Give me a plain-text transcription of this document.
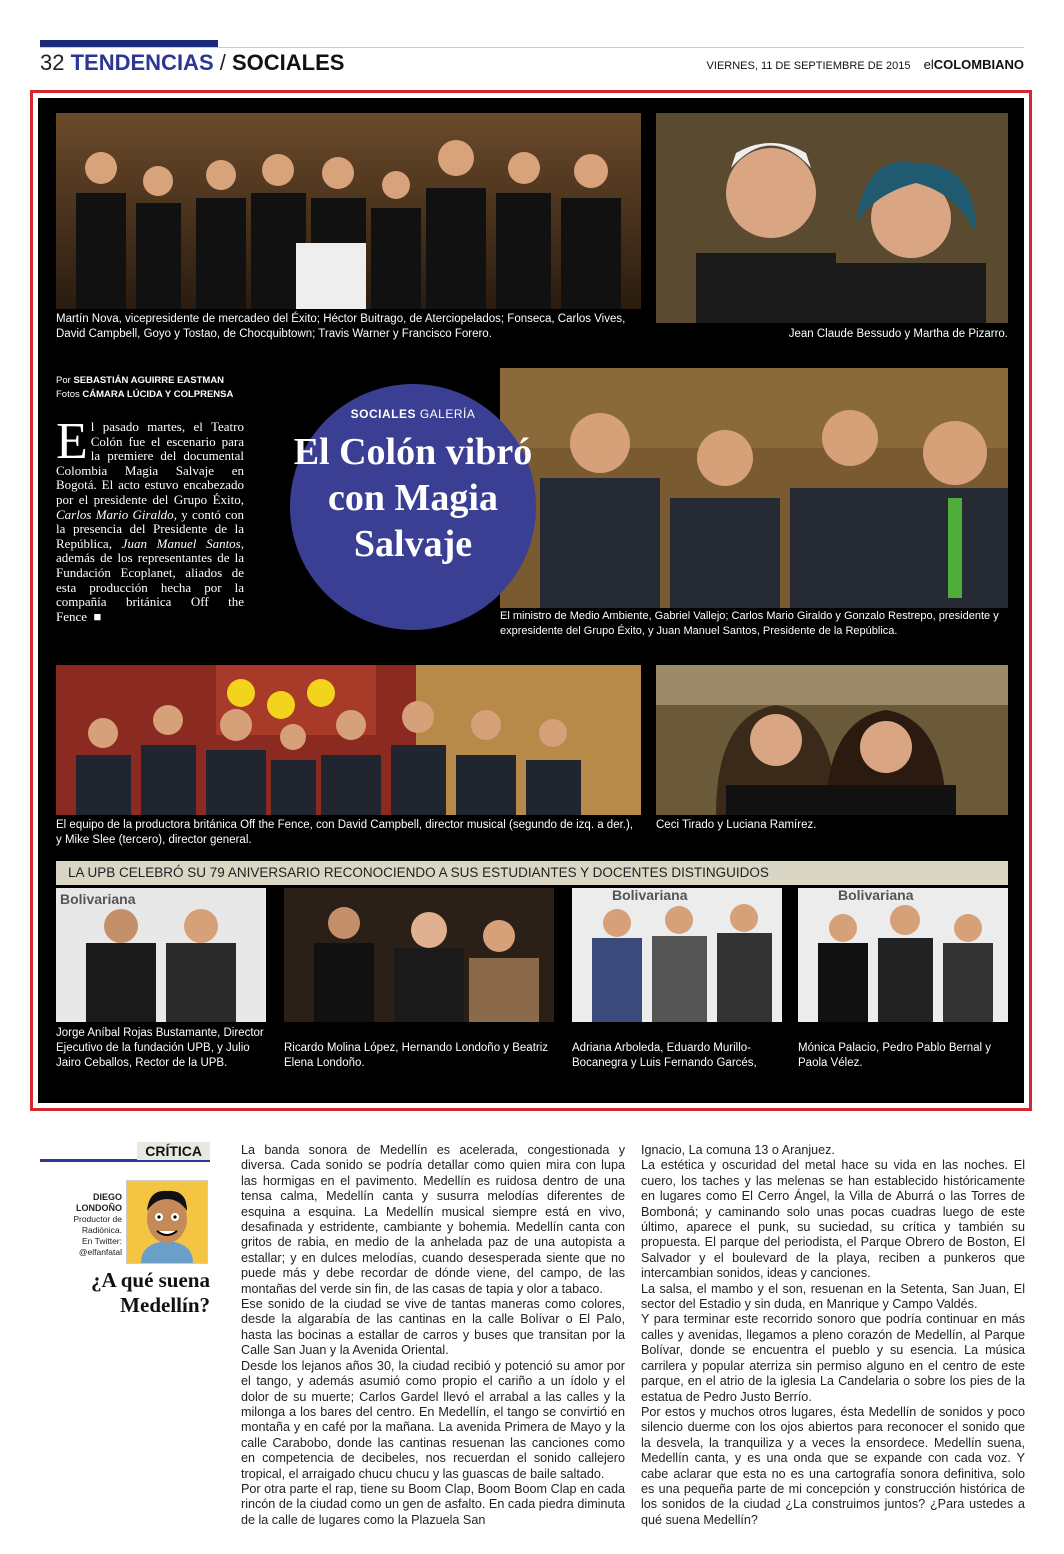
32 TENDENCIAS / SOCIALES	VIERNES, 11 DE SEPTIEMBRE DE 2015 elCOLOMBIANO
Martín Nova, vicepresidente de mercadeo del Éxito; Héctor Buitrago, de Aterciopelados; Fonseca, Carlos Vives, David Campbell, Goyo y Tostao, de Chocquibtown; Travis Warner y Francisco Forero.	Jean Claude Bessudo y Martha de Pizarro.
Por SEBASTIÁN AGUIRRE EASTMAN
Fotos CÁMARA LÚCIDA Y COLPRENSA
El pasado martes, el Teatro Colón fue el escenario para la premiere del documental Colombia Magia Salvaje en Bogotá. El acto estuvo encabezado por el presidente del Grupo Éxito, Carlos Mario Giraldo, y contó con la presencia del Presidente de la República, Juan Manuel Santos, además de los representantes de la Fundación Ecoplanet, aliados de esta producción hecha por la compañía británica Off the Fence ■
SOCIALES GALERÍA
El Colón vibró con Magia Salvaje
El ministro de Medio Ambiente, Gabriel Vallejo; Carlos Mario Giraldo y Gonzalo Restrepo, presidente y expresidente del Grupo Éxito, y Juan Manuel Santos, Presidente de la República.
El equipo de la productora británica Off the Fence, con David Campbell, director musical (segundo de izq. a der.), y Mike Slee (tercero), director general.
Ceci Tirado y Luciana Ramírez.
LA UPB CELEBRÓ SU 79 ANIVERSARIO RECONOCIENDO A SUS ESTUDIANTES Y DOCENTES DISTINGUIDOS
Bolivariana	Bolivariana	Bolivariana
Jorge Aníbal Rojas Bustamante, Director Ejecutivo de la fundación UPB, y Julio Jairo Ceballos, Rector de la UPB.
Ricardo Molina López, Hernando Londoño y Beatriz Elena Londoño.
Adriana Arboleda, Eduardo Murillo-Bocanegra y Luis Fernando Garcés,
Mónica Palacio, Pedro Pablo Bernal y Paola Vélez.
CRÍTICA
DIEGO
LONDOÑO
Productor de Radiónica.
En Twitter: @elfanfatal
¿A qué suena Medellín?

La banda sonora de Medellín es acelerada, congestionada y diversa. Cada sonido se podría detallar como quien mira con lupa las hormigas en el pavimento. Medellín es ruidosa dentro de una tensa calma, Medellín canta y susurra melodías diferentes de esquina a esquina. La Medellín musical siempre está en vivo, desafinada y estridente, cambiante y bohemia. Medellín canta con gritos de rabia, en medio de la anhelada paz de una autopista a estallar; y en dulces melodías, cuando desesperada siente que no puede más y debe recordar de dónde viene, del campo, de las montañas del verde sin fin, de las casas de tapia y olor a tabaco.

Ese sonido de la ciudad se vive de tantas maneras como colores, desde la algarabía de las cantinas en la calle Bolívar o El Palo, hasta las bocinas a estallar de carros y buses que transitan por la Calle San Juan y la Avenida Oriental.

Desde los lejanos años 30, la ciudad recibió y potenció su amor por el tango, y además asumió como propio el cariño a un ídolo y el dolor de su muerte; Carlos Gardel llevó el arrabal a las calles y la milonga a los bares del centro. En Medellín, el tango se convirtió en montaña y en café por la mañana. La avenida Primera de Mayo y la calle Carabobo, donde las cantinas resuenan las canciones como en competencia de decibeles, nos recuerdan el sonido callejero tropical, el arraigado chucu chucu y las guascas de baile saltado.

Por otra parte el rap, tiene su Boom Clap, Boom Boom Clap en cada rincón de la ciudad como un gen de asfalto. En cada piedra diminuta de la calle de lugares como la Plazuela San

Ignacio, La comuna 13 o Aranjuez.

La estética y oscuridad del metal hace su vida en las noches. El cuero, los taches y las melenas se han establecido históricamente en lugares como El Cerro Ángel, la Villa de Aburrá o las Torres de Bomboná; y caminando solo unas pocas cuadras luego de este último, aparece el punk, su suciedad, su crítica y también su propuesta. El parque del periodista, el Parque Obrero de Boston, El Salvador y el boulevard de la playa, reciben a punkeros que intercambian sonidos, ideas y canciones.

La salsa, el mambo y el son, resuenan en la Setenta, San Juan, El sector del Estadio y sin duda, en Manrique y Campo Valdés.

Y para terminar este recorrido sonoro que podría continuar en más calles y avenidas, llegamos a pleno corazón de Medellín, al Parque Bolívar, donde se encuentra el pueblo y su esencia. La música carrilera y popular aterriza sin permiso alguno en el centro de este parque, en el atrio de la iglesia La Candelaria o sobre los pies de la estatua de Pedro Justo Berrío.

Por estos y muchos otros lugares, ésta Medellín de sonidos y poco silencio duerme con los ojos abiertos para reconocer el sonido que la desvela, la tranquiliza y a veces la ensordece. Medellín suena, Medellín canta, y es una onda que se expande con cada voz. Y cabe aclarar que esta no es una cartografía sonora definitiva, solo es una pequeña parte de mi concepción y construcción histórica de los sonidos de la ciudad ¿La construimos juntos? ¿Para ustedes a qué suena Medellín?
